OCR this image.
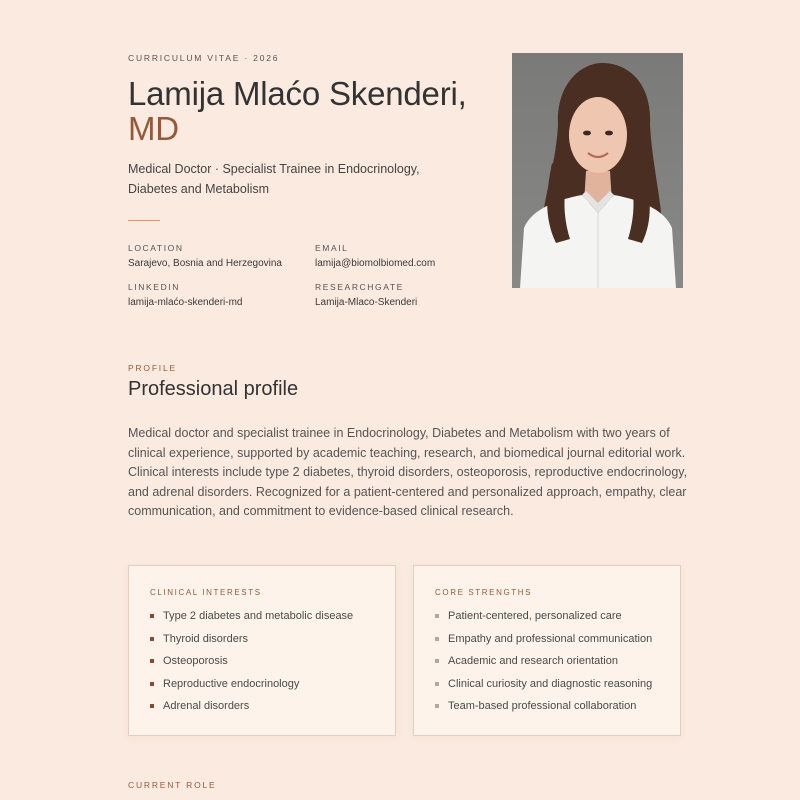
CURRICULUM VITAE · 2026
Lamija Mlaćo Skenderi,
MD
Medical Doctor · Specialist Trainee in Endocrinology, Diabetes and Metabolism
LOCATION
Sarajevo, Bosnia and Herzegovina
EMAIL
lamija@biomolbiomed.com
LINKEDIN
lamija-mlaćo-skenderi-md
RESEARCHGATE
Lamija-Mlaco-Skenderi
PROFILE
Professional profile

Medical doctor and specialist trainee in Endocrinology, Diabetes and Metabolism with two years of clinical experience, supported by academic teaching, research, and biomedical journal editorial work. Clinical interests include type 2 diabetes, thyroid disorders, osteoporosis, reproductive endocrinology, and adrenal disorders. Recognized for a patient-centered and personalized approach, empathy, clear communication, and commitment to evidence-based clinical research.

CLINICAL INTERESTS
Type 2 diabetes and metabolic disease
Thyroid disorders
Osteoporosis
Reproductive endocrinology
Adrenal disorders
CORE STRENGTHS
Patient-centered, personalized care
Empathy and professional communication
Academic and research orientation
Clinical curiosity and diagnostic reasoning
Team-based professional collaboration
CURRENT ROLE
